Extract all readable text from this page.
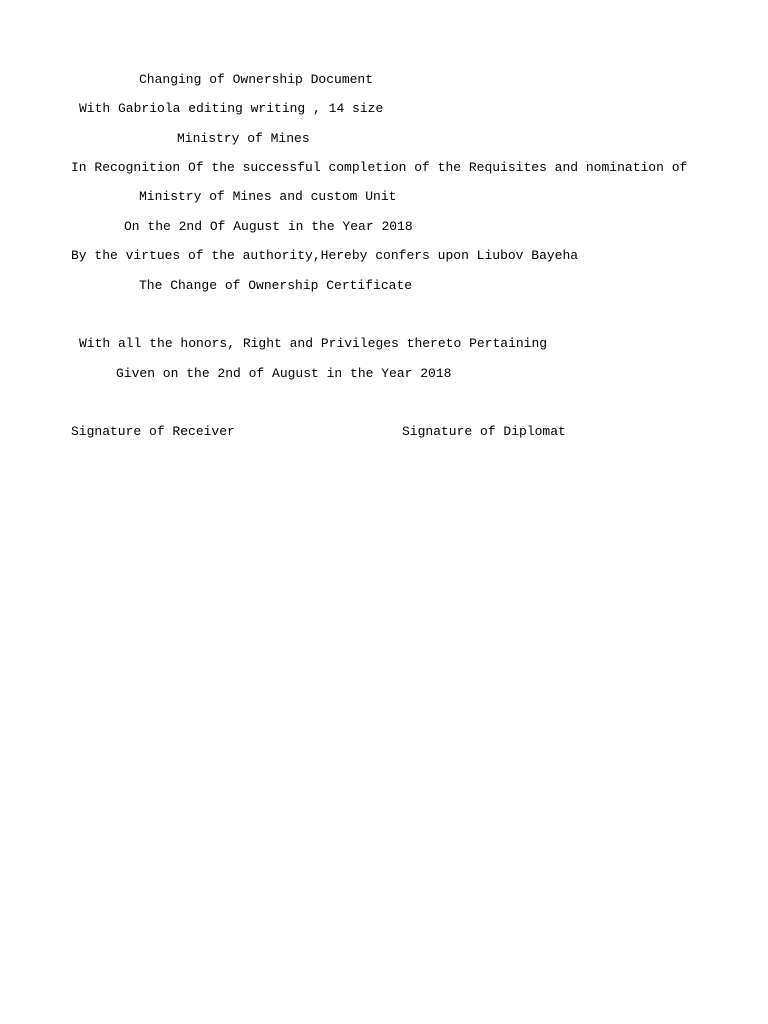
Changing of Ownership Document

With Gabriola editing writing , 14 size

Ministry of Mines

In Recognition Of the successful completion of the Requisites and nomination of

Ministry of Mines and custom Unit

On the 2nd Of August in the Year 2018

By the virtues of the authority,Hereby confers upon Liubov Bayeha

The Change of Ownership Certificate

With all the honors, Right and Privileges thereto Pertaining

Given on the 2nd of August in the Year 2018

Signature of Receiver	Signature of Diplomat
